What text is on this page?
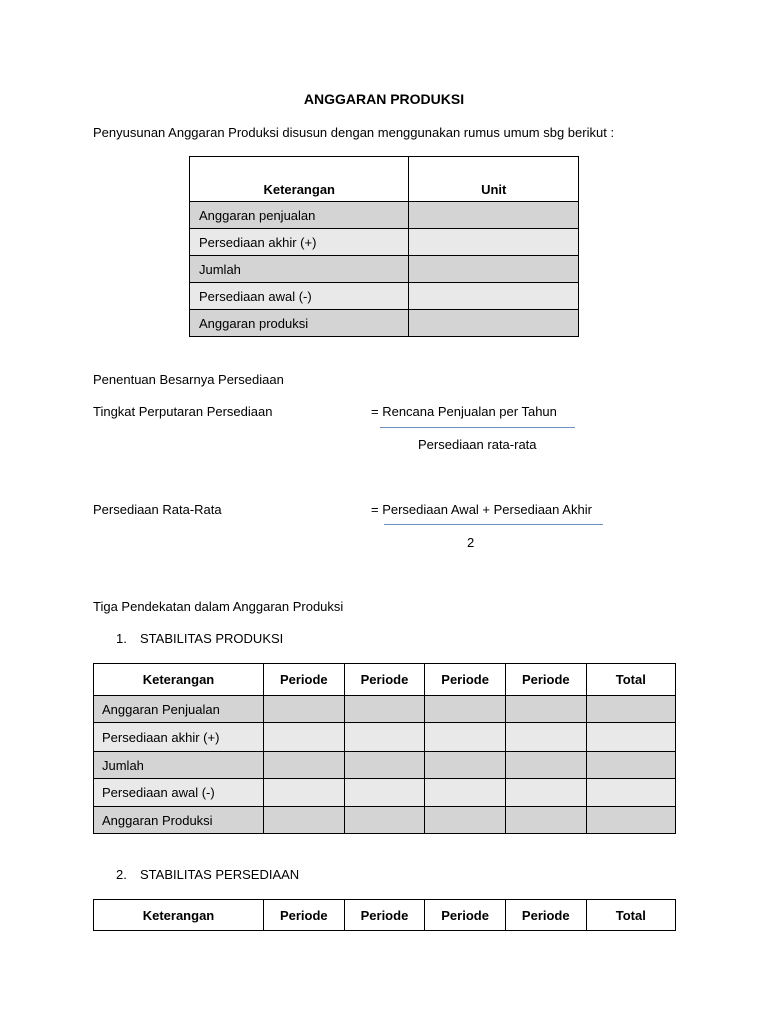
ANGGARAN PRODUKSI
Penyusunan Anggaran Produksi disusun dengan menggunakan rumus umum sbg berikut :
Keterangan	Unit
Anggaran penjualan	
Persediaan akhir (+)	
Jumlah	
Persediaan awal (-)	
Anggaran produksi	
Penentuan Besarnya Persediaan
Tingkat Perputaran Persediaan	= Rencana Penjualan per Tahun
Persediaan rata-rata
Persediaan Rata-Rata	= Persediaan Awal + Persediaan Akhir
2
Tiga Pendekatan dalam Anggaran Produksi
1. STABILITAS PRODUKSI
Keterangan	Periode	Periode	Periode	Periode	Total
Anggaran Penjualan					
Persediaan akhir (+)					
Jumlah					
Persediaan awal (-)					
Anggaran Produksi					
2. STABILITAS PERSEDIAAN
Keterangan	Periode	Periode	Periode	Periode	Total
